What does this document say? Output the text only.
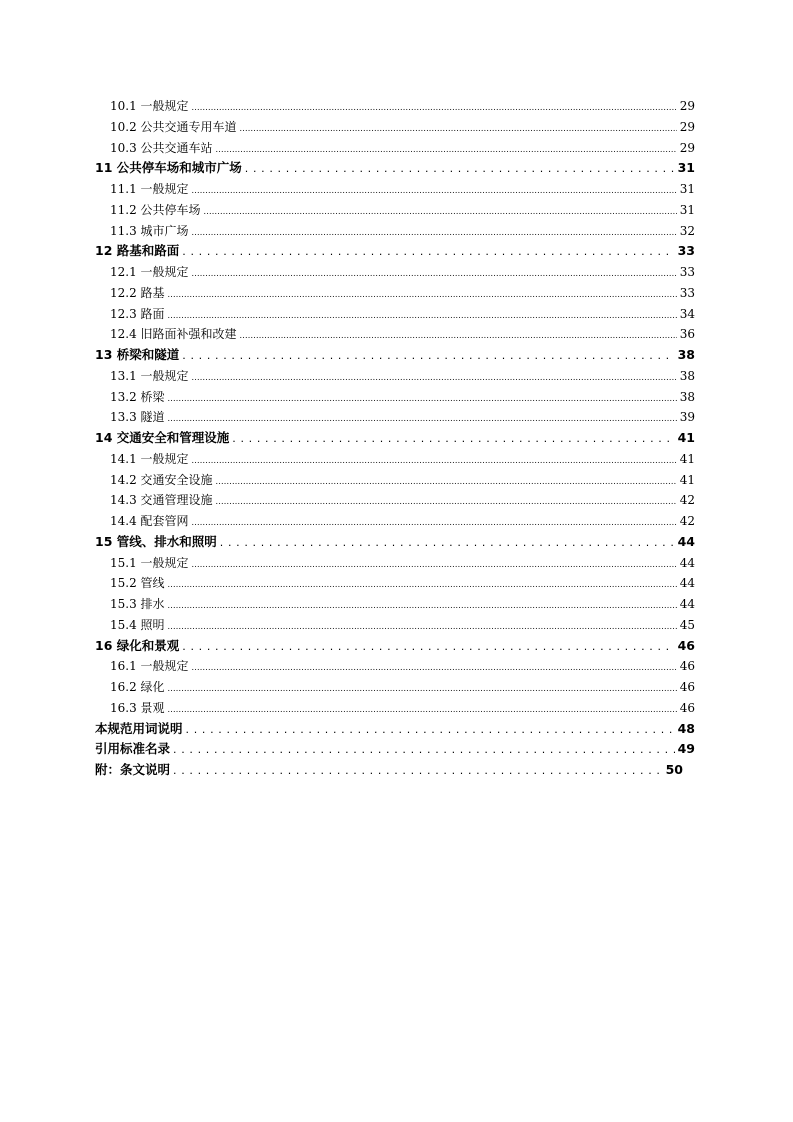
10.1 一般规定 .....	29
10.2 公共交通专用车道 .....	29
10.3 公共交通车站 .....	29
11 公共停车场和城市广场 . . .	31
11.1 一般规定 .....	31
11.2 公共停车场 .....	31
11.3 城市广场 .....	32
12 路基和路面 . . .	33
12.1 一般规定 .....	33
12.2 路基 .....	33
12.3 路面 .....	34
12.4 旧路面补强和改建 .....	36
13 桥梁和隧道 . . .	38
13.1 一般规定 .....	38
13.2 桥梁 .....	38
13.3 隧道 .....	39
14 交通安全和管理设施 . . .	41
14.1 一般规定 .....	41
14.2 交通安全设施 .....	41
14.3 交通管理设施 .....	42
14.4 配套管网 .....	42
15 管线、排水和照明 . . .	44
15.1 一般规定 .....	44
15.2 管线 .....	44
15.3 排水 .....	44
15.4 照明 .....	45
16 绿化和景观 . . .	46
16.1 一般规定 .....	46
16.2 绿化 .....	46
16.3 景观 .....	46
本规范用词说明 . . .	48
引用标准名录 . . .	49
附：条文说明 . . .	50
